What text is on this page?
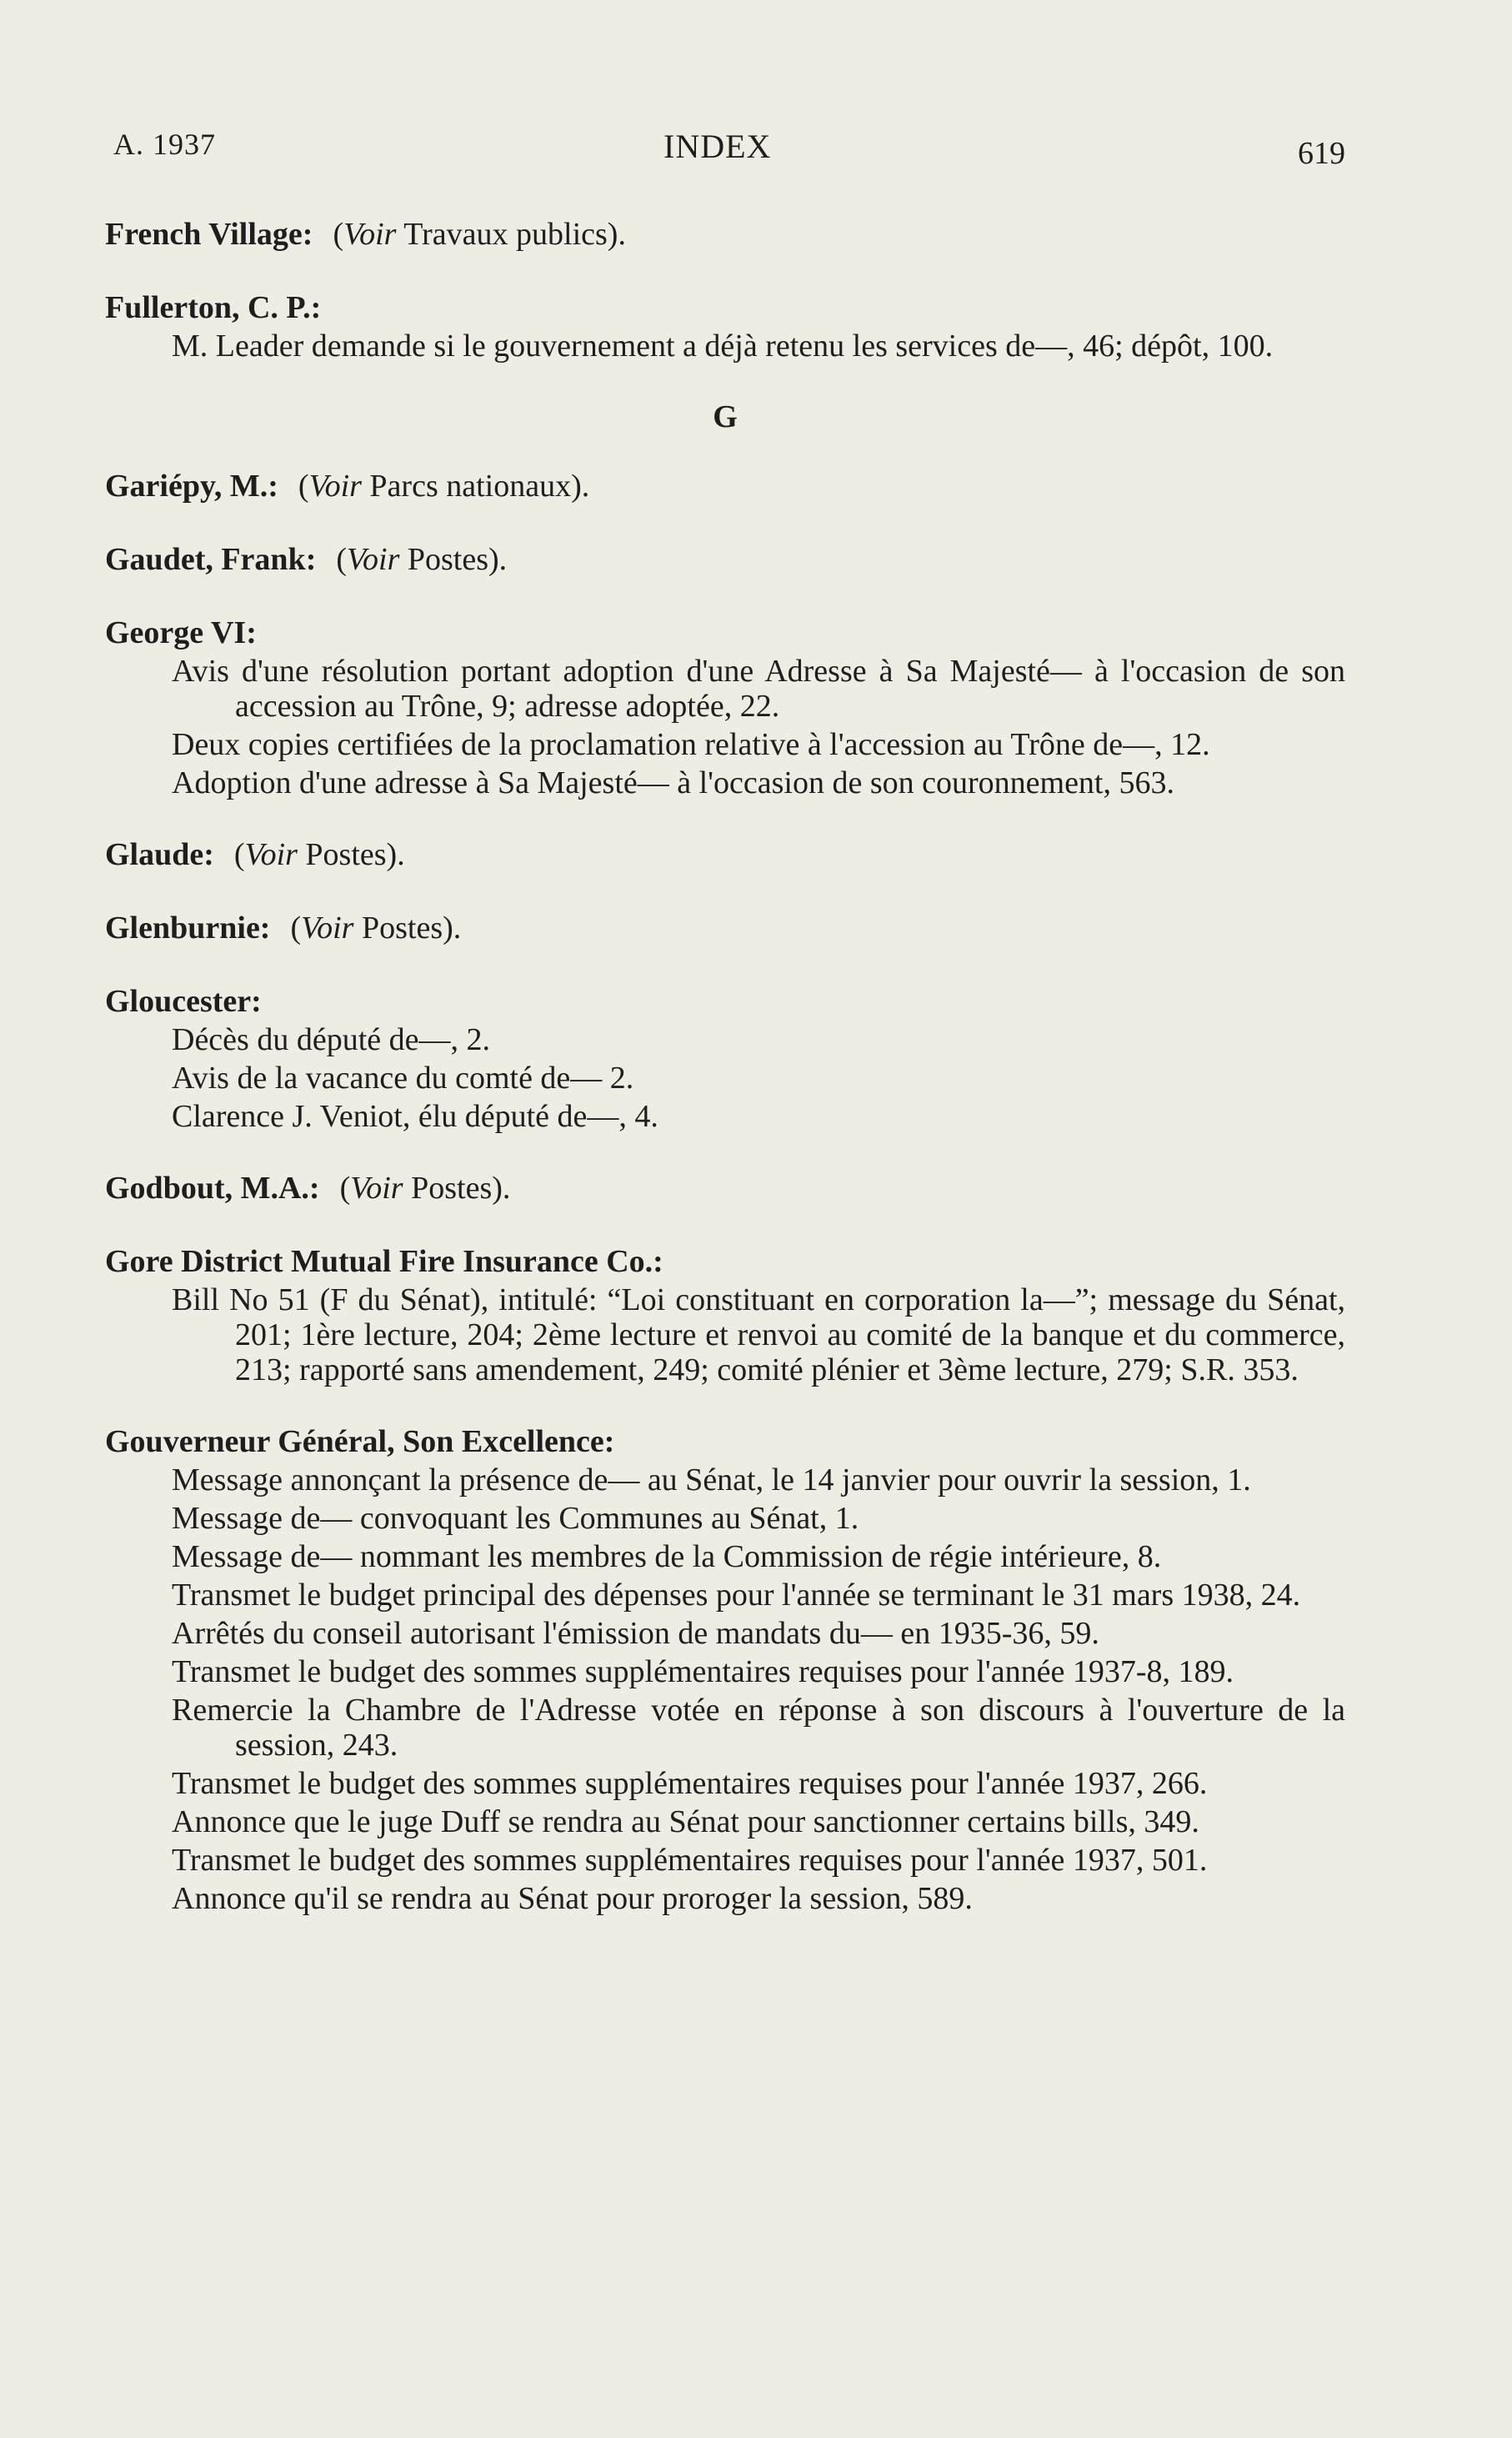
A. 1937	INDEX	619
French Village: (Voir Travaux publics).
Fullerton, C. P.:
M. Leader demande si le gouvernement a déjà retenu les services de—, 46; dépôt, 100.
G
Gariépy, M.: (Voir Parcs nationaux).
Gaudet, Frank: (Voir Postes).
George VI:
Avis d'une résolution portant adoption d'une Adresse à Sa Majesté— à l'occasion de son accession au Trône, 9; adresse adoptée, 22.
Deux copies certifiées de la proclamation relative à l'accession au Trône de—, 12.
Adoption d'une adresse à Sa Majesté— à l'occasion de son couronnement, 563.
Glaude: (Voir Postes).
Glenburnie: (Voir Postes).
Gloucester:
Décès du député de—, 2.
Avis de la vacance du comté de— 2.
Clarence J. Veniot, élu député de—, 4.
Godbout, M.A.: (Voir Postes).
Gore District Mutual Fire Insurance Co.:
Bill No 51 (F du Sénat), intitulé: “Loi constituant en corporation la—”; message du Sénat, 201; 1ère lecture, 204; 2ème lecture et renvoi au comité de la banque et du commerce, 213; rapporté sans amendement, 249; comité plénier et 3ème lecture, 279; S.R. 353.
Gouverneur Général, Son Excellence:
Message annonçant la présence de— au Sénat, le 14 janvier pour ouvrir la session, 1.
Message de— convoquant les Communes au Sénat, 1.
Message de— nommant les membres de la Commission de régie intérieure, 8.
Transmet le budget principal des dépenses pour l'année se terminant le 31 mars 1938, 24.
Arrêtés du conseil autorisant l'émission de mandats du— en 1935-36, 59.
Transmet le budget des sommes supplémentaires requises pour l'année 1937-8, 189.
Remercie la Chambre de l'Adresse votée en réponse à son discours à l'ouverture de la session, 243.
Transmet le budget des sommes supplémentaires requises pour l'année 1937, 266.
Annonce que le juge Duff se rendra au Sénat pour sanctionner certains bills, 349.
Transmet le budget des sommes supplémentaires requises pour l'année 1937, 501.
Annonce qu'il se rendra au Sénat pour proroger la session, 589.
